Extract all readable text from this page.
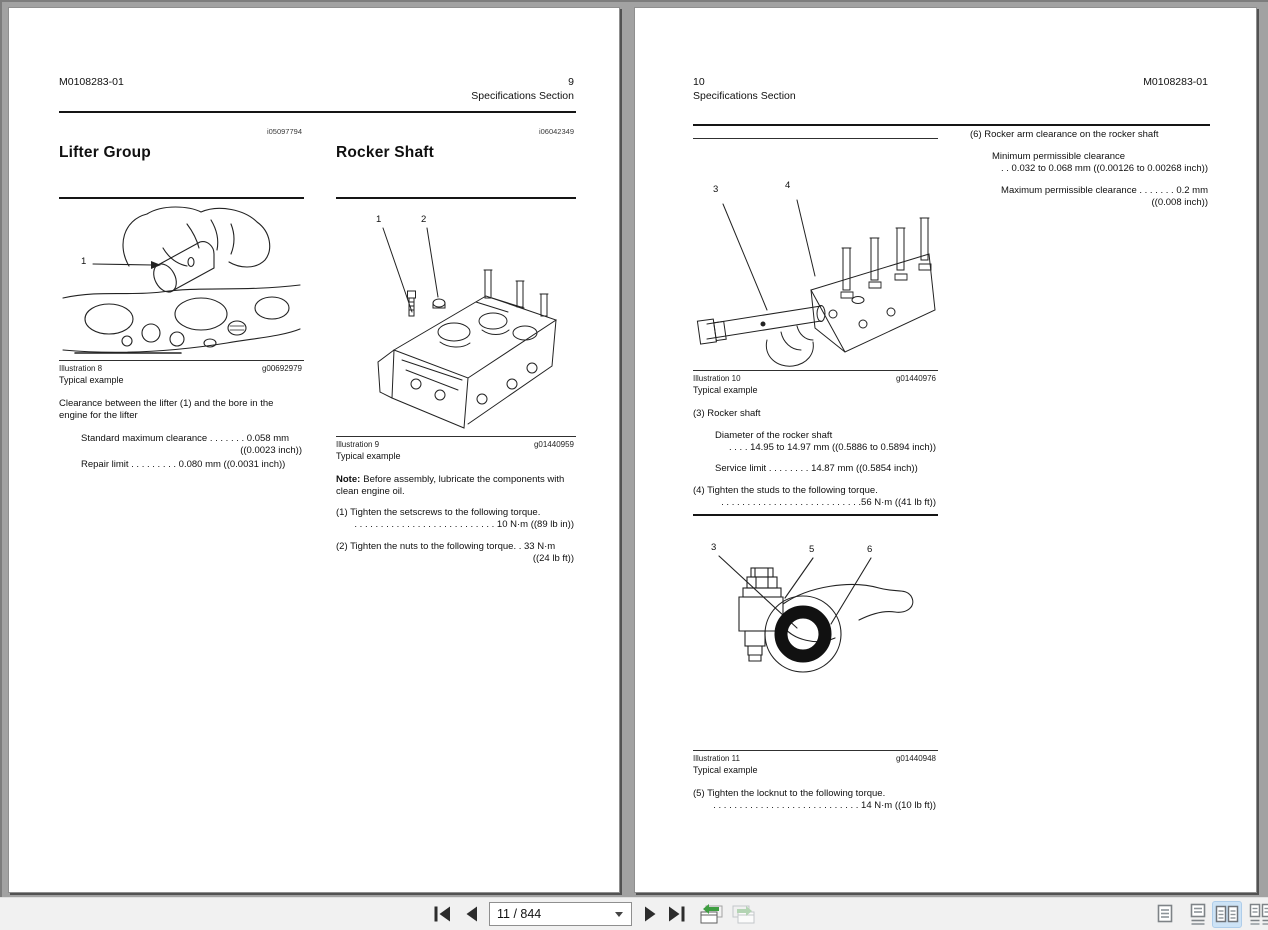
M0108283-01	9
Specifications Section
i05097794
Lifter Group
1
Illustration 8	g00692979
Typical example
Clearance between the lifter (1) and the bore in the engine for the lifter
Standard maximum clearance . . . . . . . 0.058 mm
((0.0023 inch))
Repair limit . . . . . . . . . 0.080 mm ((0.0031 inch))
i06042349
Rocker Shaft
1	2
Illustration 9	g01440959
Typical example
Note: Before assembly, lubricate the components with clean engine oil.
(1) Tighten the setscrews to the following torque.
. . . . . . . . . . . . . . . . . . . . . . . . . . . 10 N·m ((89 lb in))
(2) Tighten the nuts to the following torque. . 33 N·m
((24 lb ft))
10
Specifications Section
M0108283-01
3	4
Illustration 10	g01440976
Typical example
(3) Rocker shaft
Diameter of the rocker shaft
. . . . 14.95 to 14.97 mm ((0.5886 to 0.5894 inch))
Service limit . . . . . . . . 14.87 mm ((0.5854 inch))
(4) Tighten the studs to the following torque.
. . . . . . . . . . . . . . . . . . . . . . . . . . .56 N·m ((41 lb ft))
3	5	6
Illustration 11	g01440948
Typical example
(5) Tighten the locknut to the following torque.
. . . . . . . . . . . . . . . . . . . . . . . . . . . . 14 N·m ((10 lb ft))
(6) Rocker arm clearance on the rocker shaft
Minimum permissible clearance
. . 0.032 to 0.068 mm ((0.00126 to 0.00268 inch))
Maximum permissible clearance . . . . . . . 0.2 mm
((0.008 inch))
11 / 844
